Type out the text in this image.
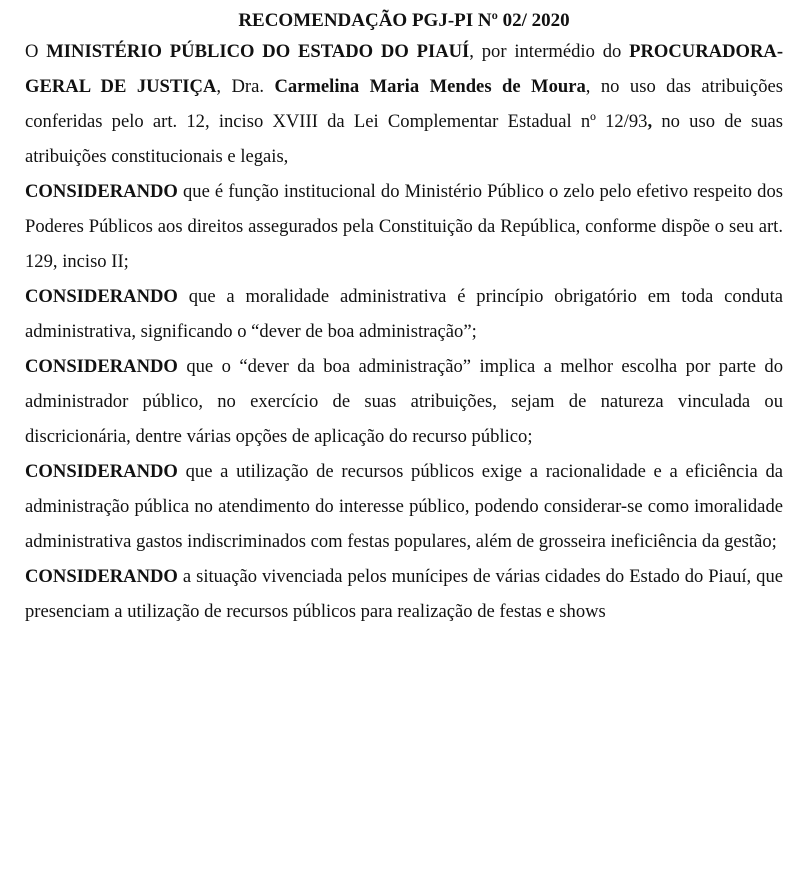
RECOMENDAÇÃO PGJ-PI Nº 02/ 2020

O MINISTÉRIO PÚBLICO DO ESTADO DO PIAUÍ, por intermédio do PROCURADORA-GERAL DE JUSTIÇA, Dra. Carmelina Maria Mendes de Moura, no uso das atribuições conferidas pelo art. 12, inciso XVIII da Lei Complementar Estadual nº 12/93, no uso de suas atribuições constitucionais e legais,

CONSIDERANDO que é função institucional do Ministério Público o zelo pelo efetivo respeito dos Poderes Públicos aos direitos assegurados pela Constituição da República, conforme dispõe o seu art. 129, inciso II;

CONSIDERANDO que a moralidade administrativa é princípio obrigatório em toda conduta administrativa, significando o “dever de boa administração”;

CONSIDERANDO que o “dever da boa administração” implica a melhor escolha por parte do administrador público, no exercício de suas atribuições, sejam de natureza vinculada ou discricionária, dentre várias opções de aplicação do recurso público;

CONSIDERANDO que a utilização de recursos públicos exige a racionalidade e a eficiência da administração pública no atendimento do interesse público, podendo considerar-se como imoralidade administrativa gastos indiscriminados com festas populares, além de grosseira ineficiência da gestão;

CONSIDERANDO a situação vivenciada pelos munícipes de várias cidades do Estado do Piauí, que presenciam a utilização de recursos públicos para realização de festas e shows
